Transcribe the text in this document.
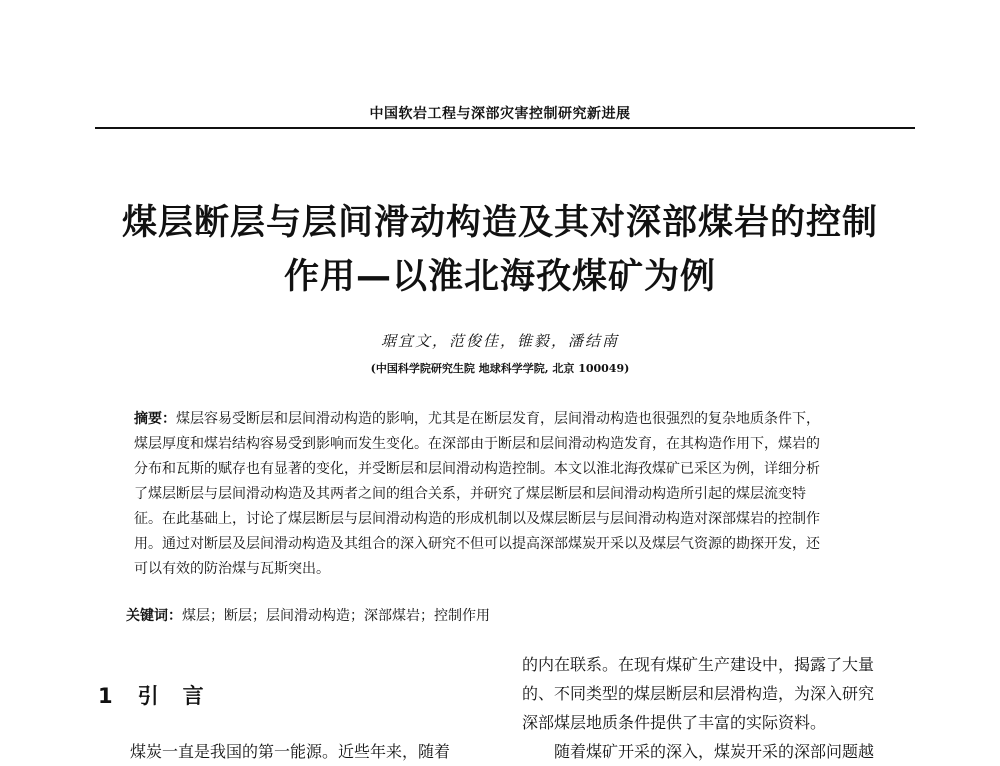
中国软岩工程与深部灾害控制研究新进展
煤层断层与层间滑动构造及其对深部煤岩的控制
作用—以淮北海孜煤矿为例
琚宜文，范俊佳，锥毅，潘结南
(中国科学院研究生院 地球科学学院, 北京 100049)
摘要：煤层容易受断层和层间滑动构造的影响，尤其是在断层发育，层间滑动构造也很强烈的复杂地质条件下，
煤层厚度和煤岩结构容易受到影响而发生变化。在深部由于断层和层间滑动构造发育，在其构造作用下，煤岩的
分布和瓦斯的赋存也有显著的变化，并受断层和层间滑动构造控制。本文以淮北海孜煤矿已采区为例，详细分析
了煤层断层与层间滑动构造及其两者之间的组合关系，并研究了煤层断层和层间滑动构造所引起的煤层流变特
征。在此基础上，讨论了煤层断层与层间滑动构造的形成机制以及煤层断层与层间滑动构造对深部煤岩的控制作
用。通过对断层及层间滑动构造及其组合的深入研究不但可以提高深部煤炭开采以及煤层气资源的勘探开发，还
可以有效的防治煤与瓦斯突出。
关键词：煤层；断层；层间滑动构造；深部煤岩；控制作用
1 引言

煤炭一直是我国的第一能源。近些年来，随着

的内在联系。在现有煤矿生产建设中，揭露了大量
的、不同类型的煤层断层和层滑构造，为深入研究
深部煤层地质条件提供了丰富的实际资料。
随着煤矿开采的深入，煤炭开采的深部问题越
